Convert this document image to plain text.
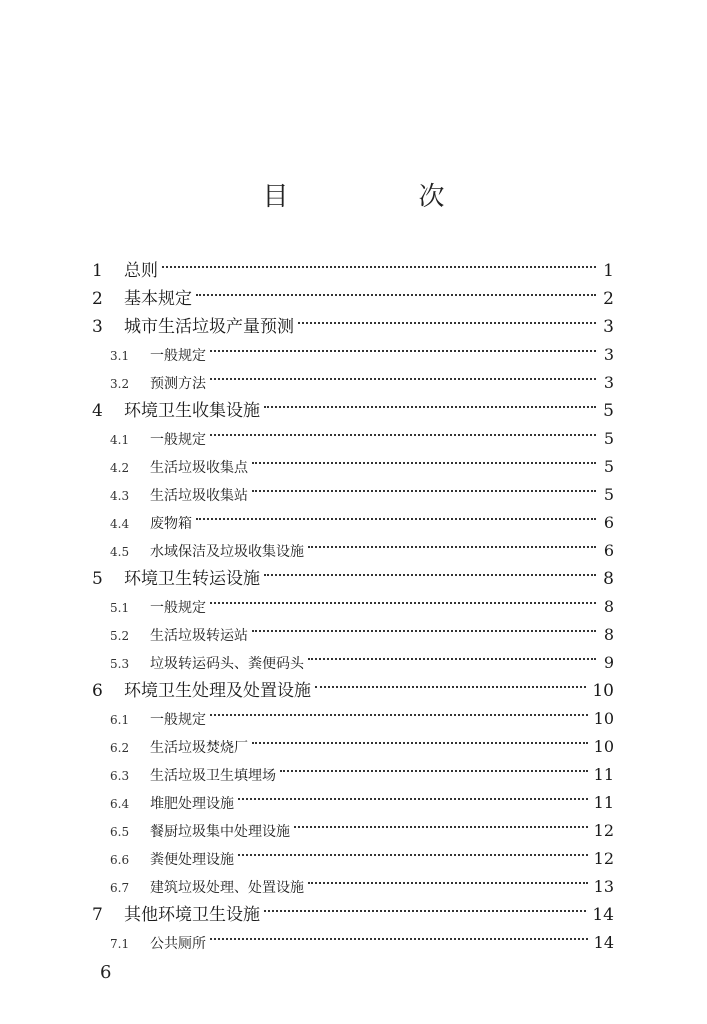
目　次
1	总则	1
2	基本规定	2
3	城市生活垃圾产量预测	3
3.1	一般规定	3
3.2	预测方法	3
4	环境卫生收集设施	5
4.1	一般规定	5
4.2	生活垃圾收集点	5
4.3	生活垃圾收集站	5
4.4	废物箱	6
4.5	水域保洁及垃圾收集设施	6
5	环境卫生转运设施	8
5.1	一般规定	8
5.2	生活垃圾转运站	8
5.3	垃圾转运码头、粪便码头	9
6	环境卫生处理及处置设施	10
6.1	一般规定	10
6.2	生活垃圾焚烧厂	10
6.3	生活垃圾卫生填埋场	11
6.4	堆肥处理设施	11
6.5	餐厨垃圾集中处理设施	12
6.6	粪便处理设施	12
6.7	建筑垃圾处理、处置设施	13
7	其他环境卫生设施	14
7.1	公共厕所	14
6
